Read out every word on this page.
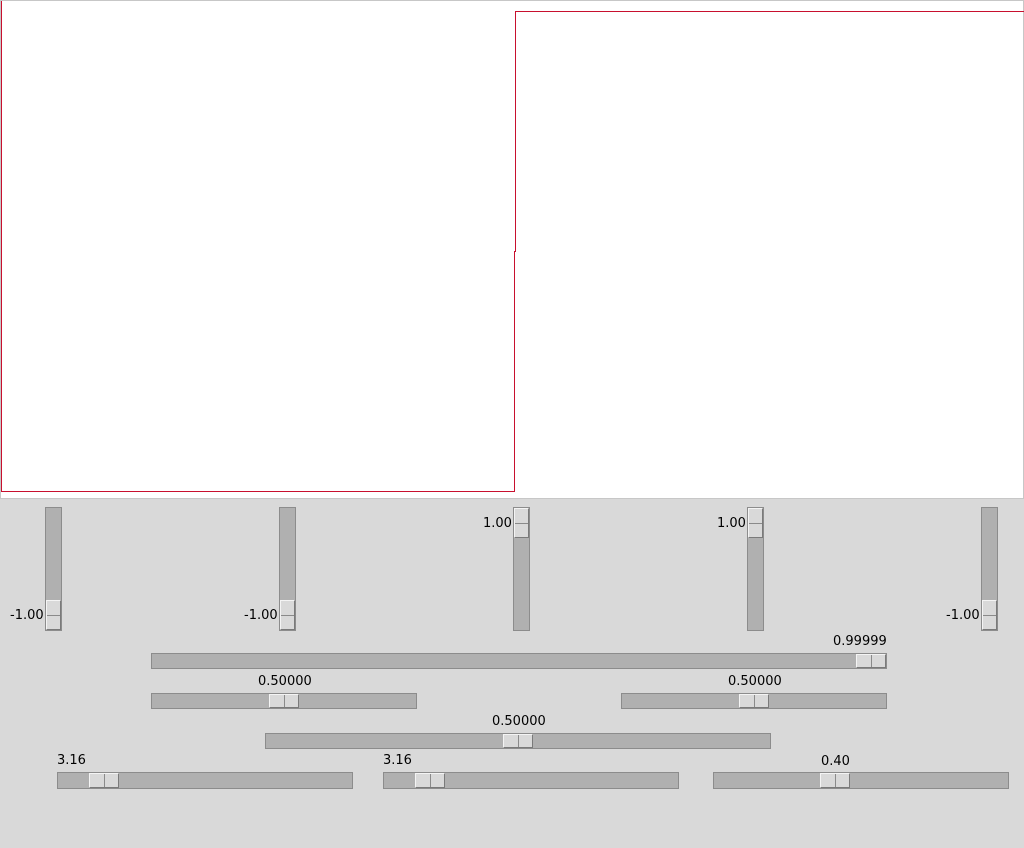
-1.00	-1.00
1.00	1.00
-1.00
0.99999
0.50000	0.50000
0.50000
3.16	3.16	0.40
